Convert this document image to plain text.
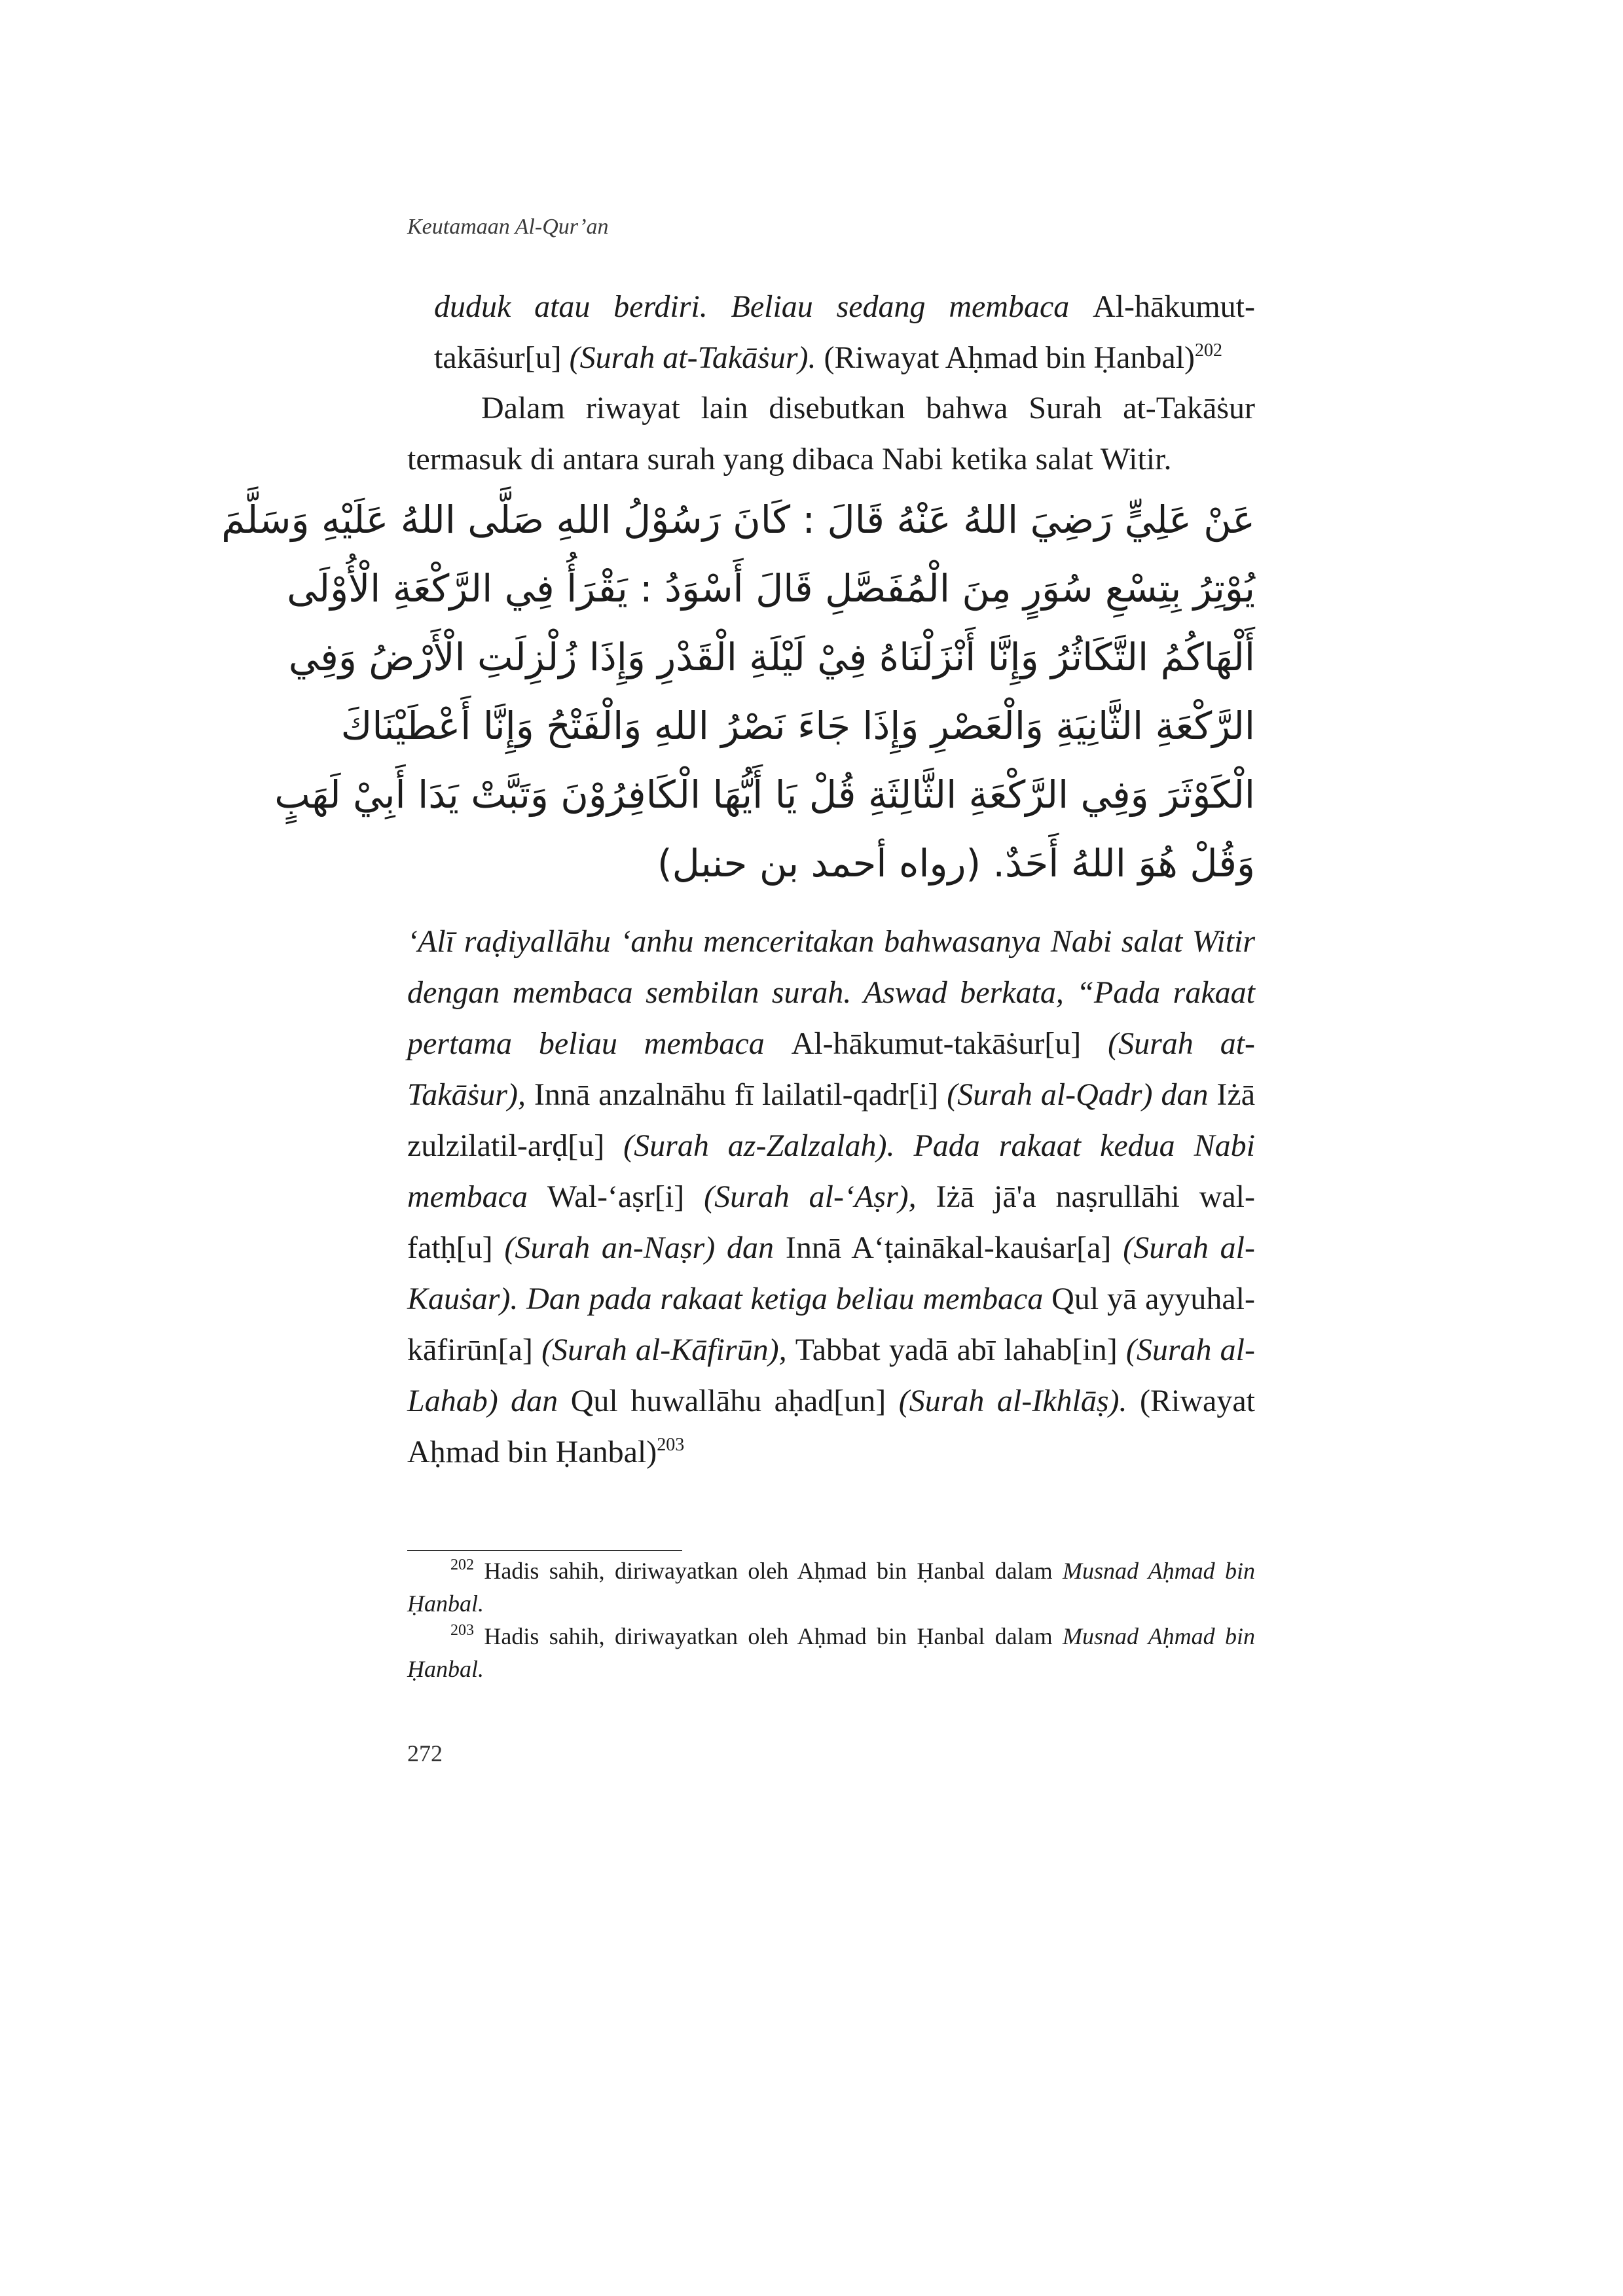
Keutamaan Al-Qur’an
duduk atau berdiri. Beliau sedang membaca Al-hākumut-takāṡur[u] (Surah at-Takāṡur). (Riwayat Aḥmad bin Ḥanbal)$^{202}$
Dalam riwayat lain disebutkan bahwa Surah at-Takāṡur termasuk di antara surah yang dibaca Nabi ketika salat Witir.
عَنْ عَلِيٍّ رَضِيَ اللهُ عَنْهُ قَالَ : كَانَ رَسُوْلُ اللهِ صَلَّى اللهُ عَلَيْهِ وَسَلَّمَ
يُوْتِرُ بِتِسْعِ سُوَرٍ مِنَ الْمُفَصَّلِ قَالَ أَسْوَدُ : يَقْرَأُ فِي الرَّكْعَةِ الْأُوْلَى
أَلْهَاكُمُ التَّكَاثُرُ وَإِنَّا أَنْزَلْنَاهُ فِيْ لَيْلَةِ الْقَدْرِ وَإِذَا زُلْزِلَتِ الْأَرْضُ وَفِي
الرَّكْعَةِ الثَّانِيَةِ وَالْعَصْرِ وَإِذَا جَاءَ نَصْرُ اللهِ وَالْفَتْحُ وَإِنَّا أَعْطَيْنَاكَ
الْكَوْثَرَ وَفِي الرَّكْعَةِ الثَّالِثَةِ قُلْ يَا أَيُّهَا الْكَافِرُوْنَ وَتَبَّتْ يَدَا أَبِيْ لَهَبٍ
وَقُلْ هُوَ اللهُ أَحَدٌ. (رواه أحمد بن حنبل)
‘Alī raḍiyallāhu ‘anhu menceritakan bahwasanya Nabi salat Witir dengan membaca sembilan surah. Aswad berkata, “Pada rakaat pertama beliau membaca Al-hākumut-takāṡur[u] (Surah at-Takāṡur), Innā anzalnāhu fī lailatil-qadr[i] (Surah al-Qadr) dan Iżā zulzilatil-arḍ[u] (Surah az-Zalzalah). Pada rakaat kedua Nabi membaca Wal-‘aṣr[i] (Surah al-‘Aṣr), Iżā jā'a naṣrullāhi wal-fatḥ[u] (Surah an-Naṣr) dan Innā A‘ṭainākal-kauṡar[a] (Surah al-Kauṡar). Dan pada rakaat ketiga beliau membaca Qul yā ayyuhal-kāfirūn[a] (Surah al-Kāfirūn), Tabbat yadā abī lahab[in] (Surah al-Lahab) dan Qul huwallāhu aḥad[un] (Surah al-Ikhlāṣ). (Riwayat Aḥmad bin Ḥanbal)$^{203}$

$^{202}$ Hadis sahih, diriwayatkan oleh Aḥmad bin Ḥanbal dalam Musnad Aḥmad bin Ḥanbal.

$^{203}$ Hadis sahih, diriwayatkan oleh Aḥmad bin Ḥanbal dalam Musnad Aḥmad bin Ḥanbal.

272
